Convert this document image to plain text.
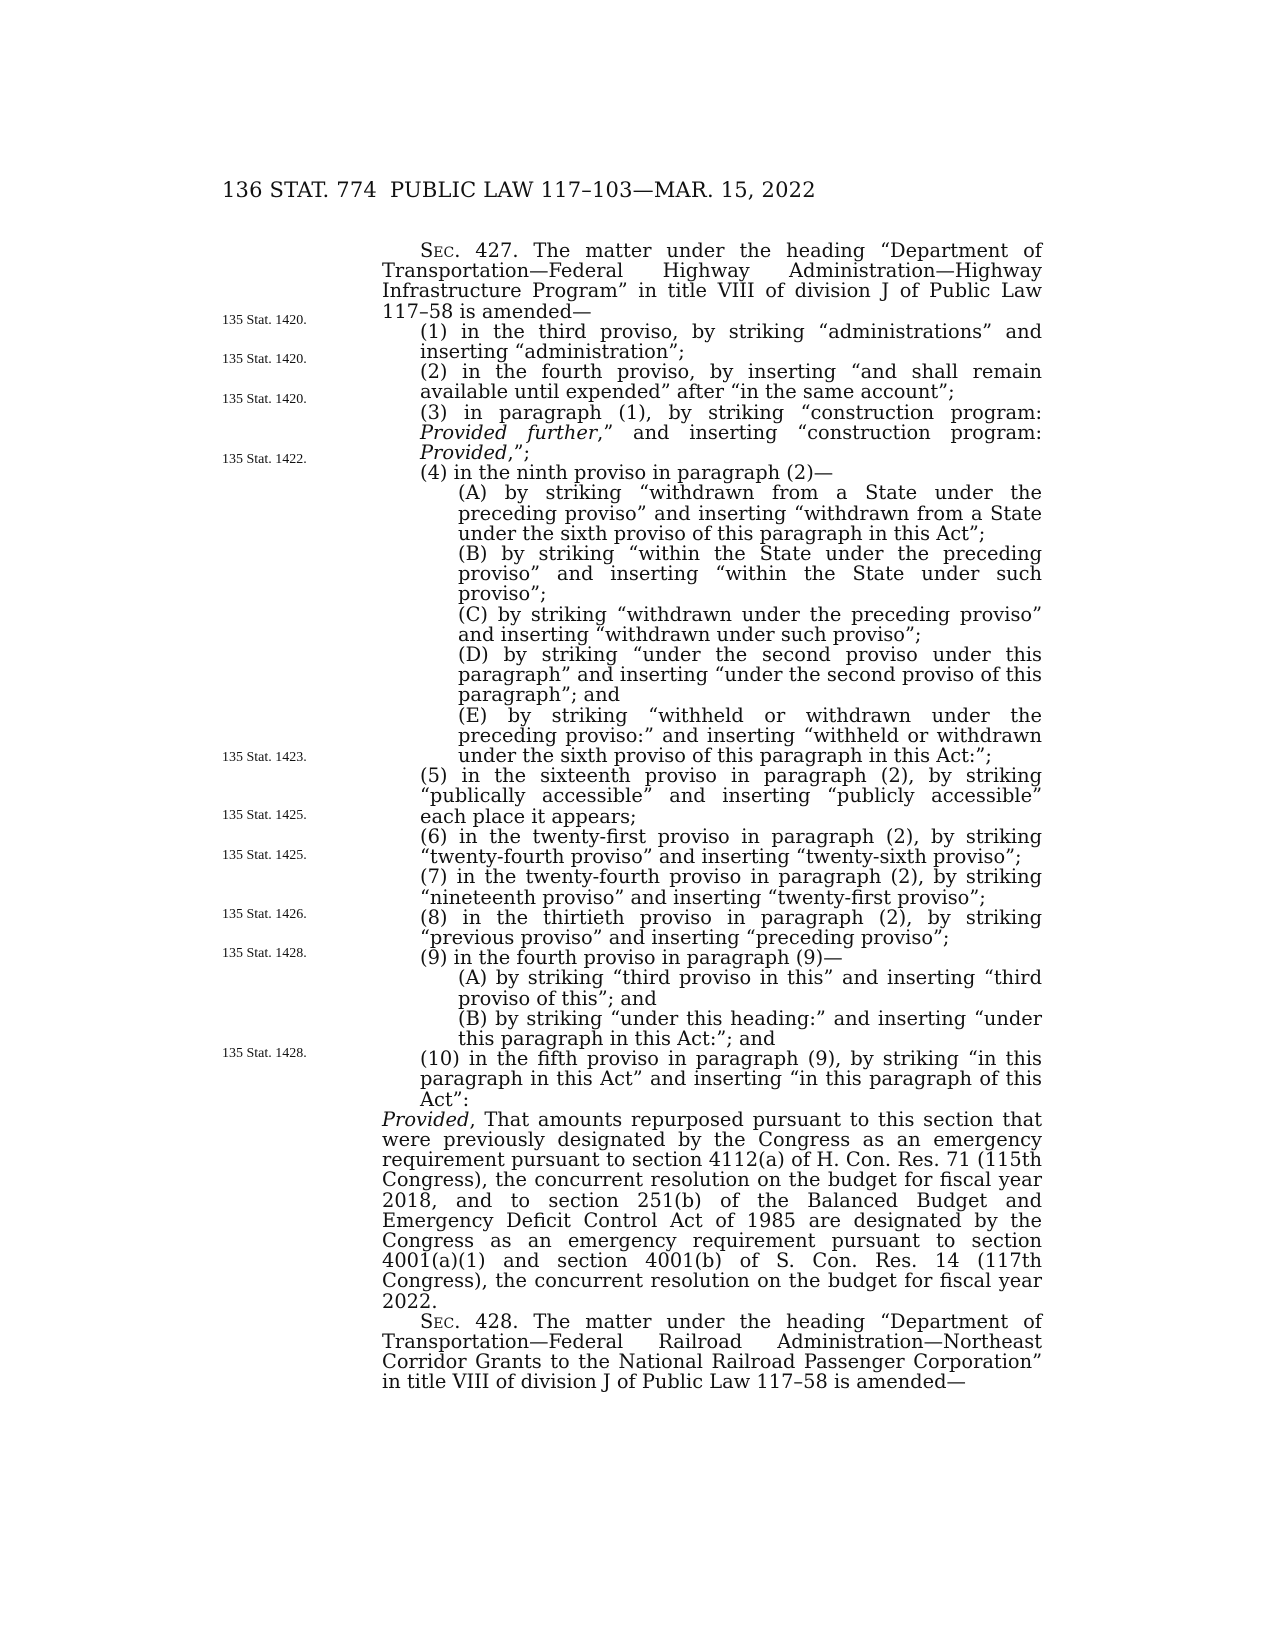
136 STAT. 774 PUBLIC LAW 117–103—MAR. 15, 2022
135 Stat. 1420.
135 Stat. 1420.
135 Stat. 1420.
135 Stat. 1422.
135 Stat. 1423.
135 Stat. 1425.
135 Stat. 1425.
135 Stat. 1426.
135 Stat. 1428.
135 Stat. 1428.

Sec. 427. The matter under the heading “Department of Transportation—Federal Highway Administration—Highway Infrastructure Program” in title VIII of division J of Public Law 117–58 is amended—

(1) in the third proviso, by striking “administrations” and inserting “administration”;

(2) in the fourth proviso, by inserting “and shall remain available until expended” after “in the same account”;

(3) in paragraph (1), by striking “construction program: Provided further,” and inserting “construction program: Provided,”;

(4) in the ninth proviso in paragraph (2)—

(A) by striking “withdrawn from a State under the preceding proviso” and inserting “withdrawn from a State under the sixth proviso of this paragraph in this Act”;

(B) by striking “within the State under the preceding proviso” and inserting “within the State under such proviso”;

(C) by striking “withdrawn under the preceding proviso” and inserting “withdrawn under such proviso”;

(D) by striking “under the second proviso under this paragraph” and inserting “under the second proviso of this paragraph”; and

(E) by striking “withheld or withdrawn under the preceding proviso:” and inserting “withheld or withdrawn under the sixth proviso of this paragraph in this Act:”;

(5) in the sixteenth proviso in paragraph (2), by striking “publically accessible” and inserting “publicly accessible” each place it appears;

(6) in the twenty-first proviso in paragraph (2), by striking “twenty-fourth proviso” and inserting “twenty-sixth proviso”;

(7) in the twenty-fourth proviso in paragraph (2), by striking “nineteenth proviso” and inserting “twenty-first proviso”;

(8) in the thirtieth proviso in paragraph (2), by striking “previous proviso” and inserting “preceding proviso”;

(9) in the fourth proviso in paragraph (9)—

(A) by striking “third proviso in this” and inserting “third proviso of this”; and

(B) by striking “under this heading:” and inserting “under this paragraph in this Act:”; and

(10) in the fifth proviso in paragraph (9), by striking “in this paragraph in this Act” and inserting “in this paragraph of this Act”:

Provided, That amounts repurposed pursuant to this section that were previously designated by the Congress as an emergency requirement pursuant to section 4112(a) of H. Con. Res. 71 (115th Congress), the concurrent resolution on the budget for fiscal year 2018, and to section 251(b) of the Balanced Budget and Emergency Deficit Control Act of 1985 are designated by the Congress as an emergency requirement pursuant to section 4001(a)(1) and section 4001(b) of S. Con. Res. 14 (117th Congress), the concurrent resolution on the budget for fiscal year 2022.

Sec. 428. The matter under the heading “Department of Transportation—Federal Railroad Administration—Northeast Corridor Grants to the National Railroad Passenger Corporation” in title VIII of division J of Public Law 117–58 is amended—
